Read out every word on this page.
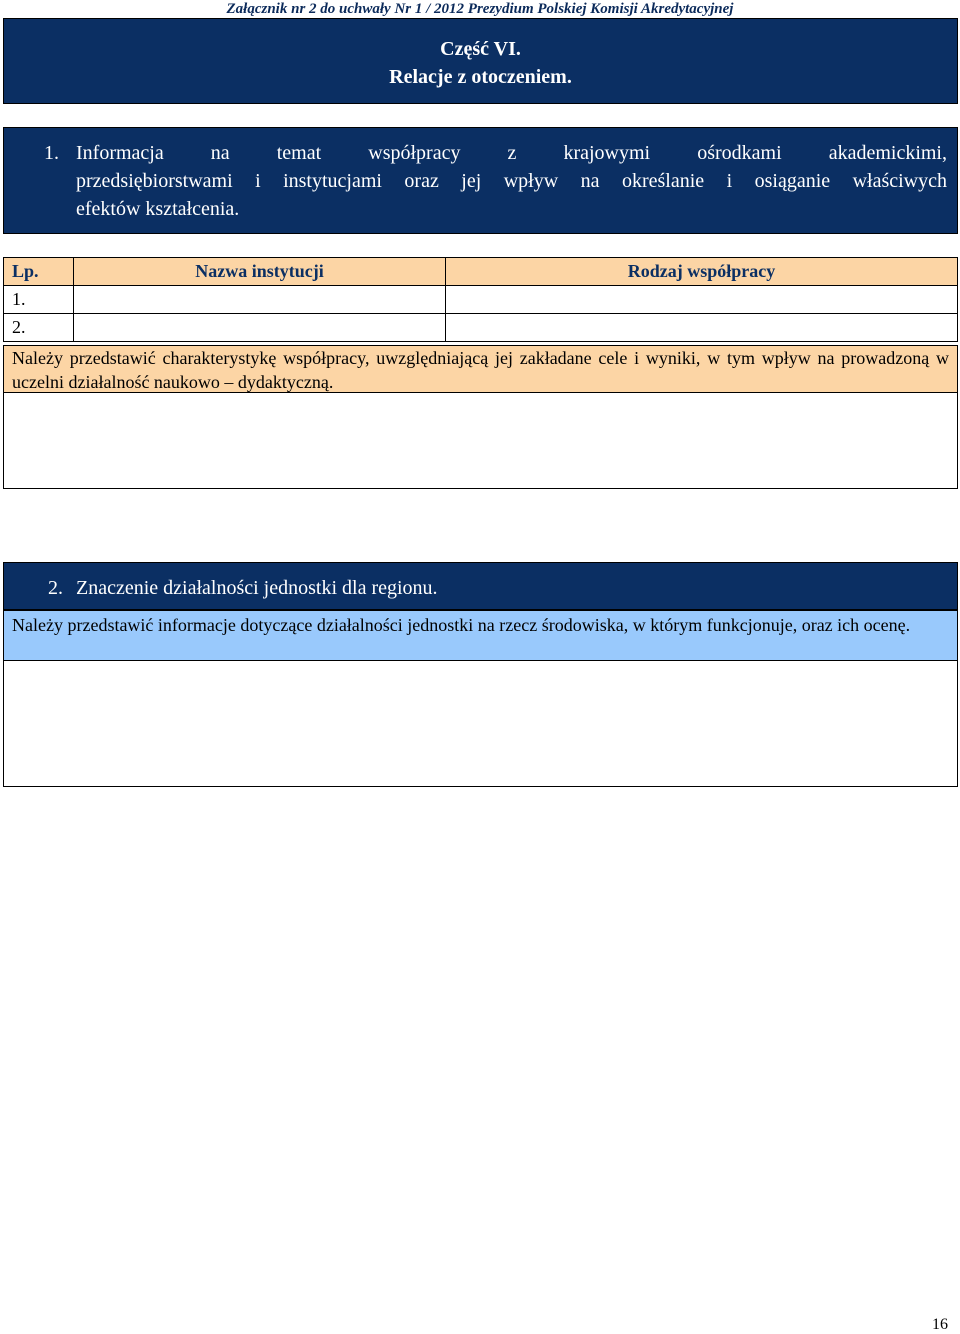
Załącznik nr 2 do uchwały Nr 1 / 2012 Prezydium Polskiej Komisji Akredytacyjnej
Część VI.
Relacje z otoczeniem.
1. Informacja na temat współpracy z krajowymi ośrodkami akademickimi,
przedsiębiorstwami i instytucjami oraz jej wpływ na określanie i osiąganie właściwych
efektów kształcenia.
Lp.	Nazwa instytucji	Rodzaj współpracy
1.		
2.		
Należy przedstawić charakterystykę współpracy, uwzględniającą jej zakładane cele i wyniki, w tym wpływ na prowadzoną w uczelni działalność naukowo – dydaktyczną.
2. Znaczenie działalności jednostki dla regionu.
Należy przedstawić informacje dotyczące działalności jednostki na rzecz środowiska, w którym funkcjonuje, oraz ich ocenę.
16
